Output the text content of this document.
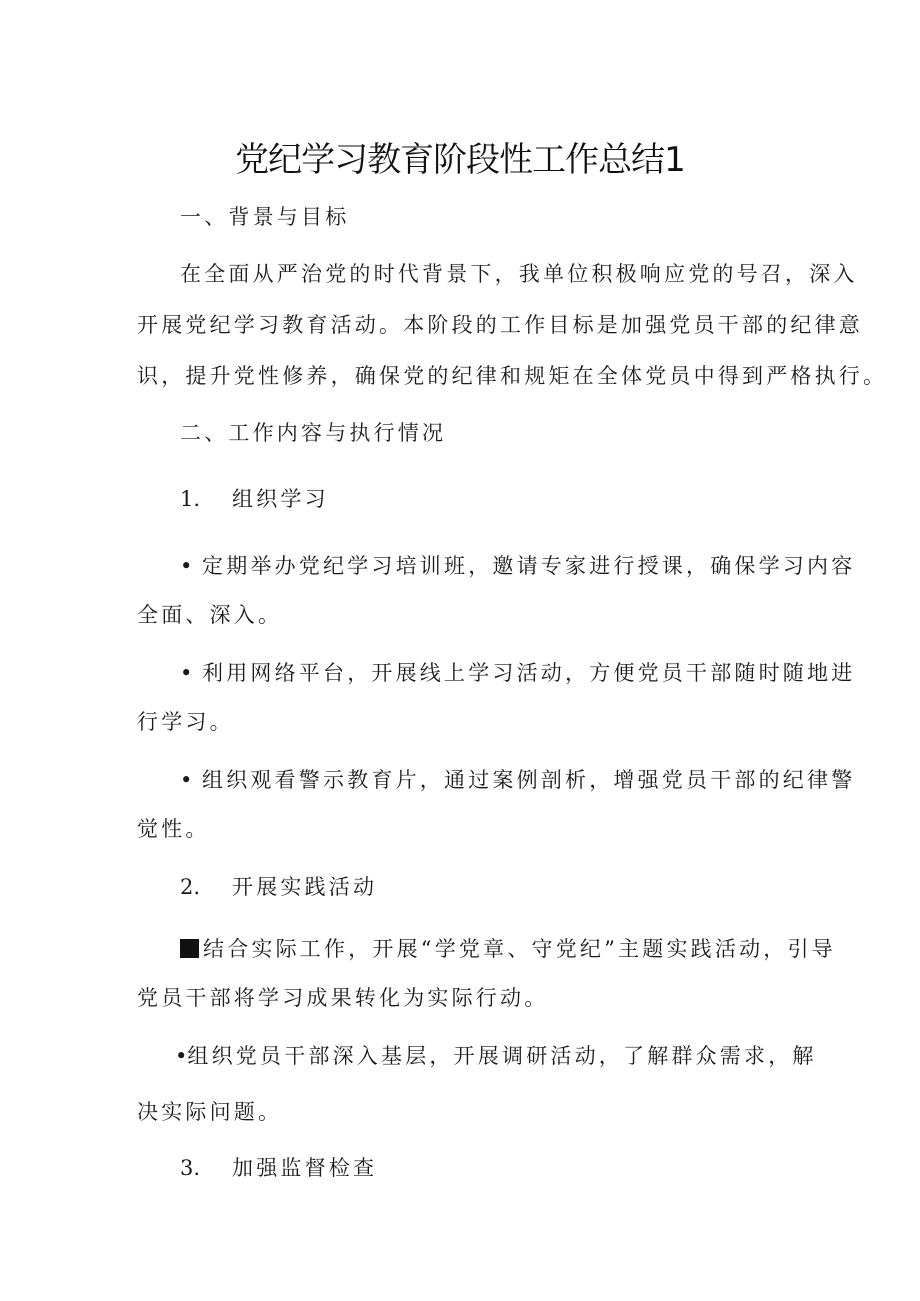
党纪学习教育阶段性工作总结1
一、背景与目标
在全面从严治党的时代背景下，我单位积极响应党的号召，深入
开展党纪学习教育活动。本阶段的工作目标是加强党员干部的纪律意
识，提升党性修养，确保党的纪律和规矩在全体党员中得到严格执行。
二、工作内容与执行情况
1. 组织学习
• 定期举办党纪学习培训班，邀请专家进行授课，确保学习内容
全面、深入。
• 利用网络平台，开展线上学习活动，方便党员干部随时随地进
行学习。
• 组织观看警示教育片，通过案例剖析，增强党员干部的纪律警
觉性。
2. 开展实践活动
结合实际工作，开展“学党章、守党纪”主题实践活动，引导
党员干部将学习成果转化为实际行动。
•组织党员干部深入基层，开展调研活动，了解群众需求，解
决实际问题。
3. 加强监督检查
